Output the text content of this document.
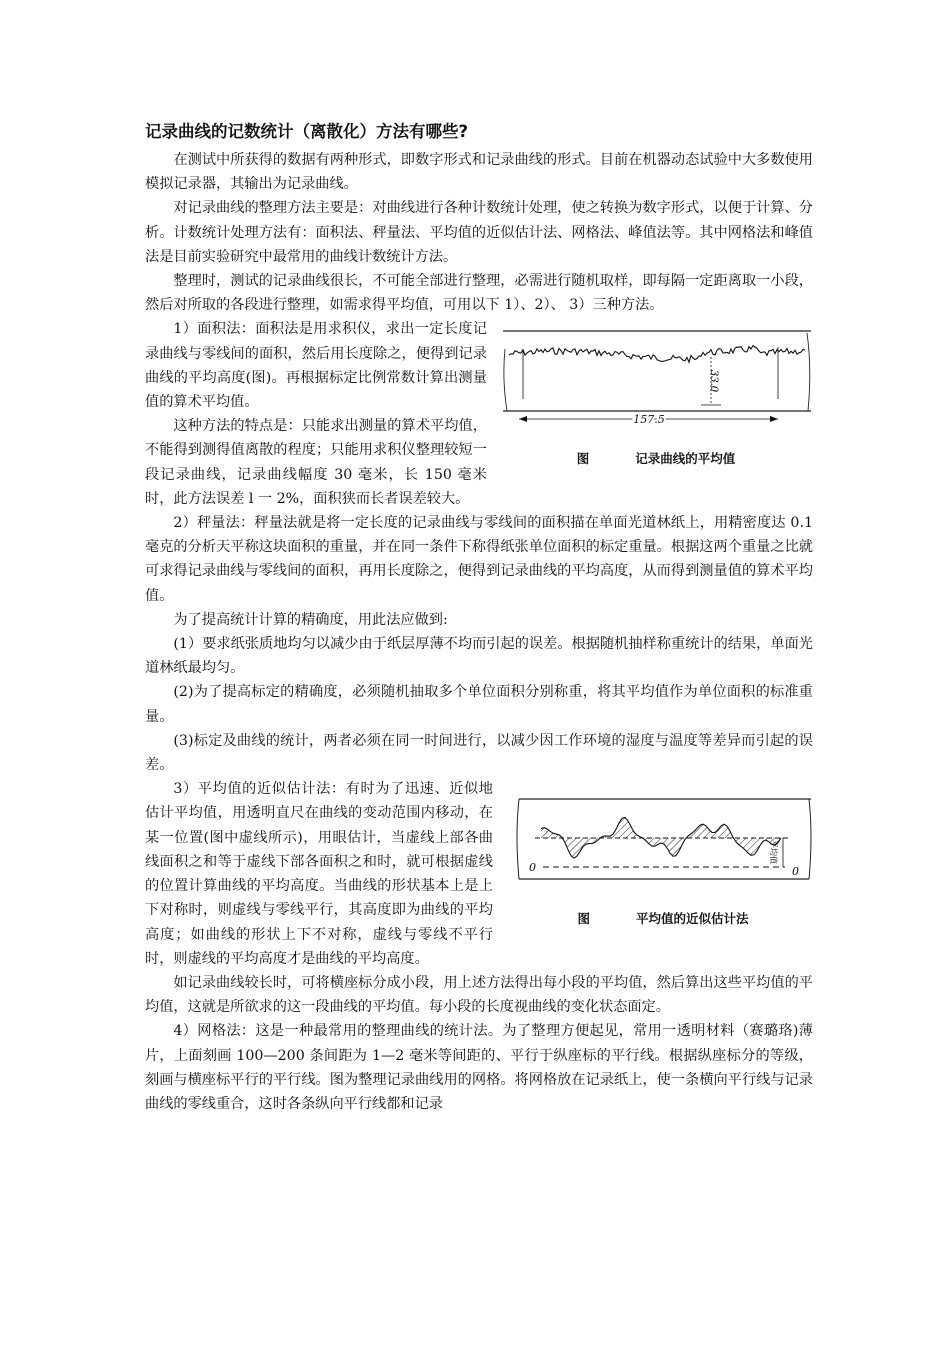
记录曲线的记数统计（离散化）方法有哪些?

在测试中所获得的数据有两种形式，即数字形式和记录曲线的形式。目前在机器动态试验中大多数使用模拟记录器，其输出为记录曲线。

对记录曲线的整理方法主要是：对曲线进行各种计数统计处理，使之转换为数字形式，以便于计算、分析。计数统计处理方法有：面积法、秤量法、平均值的近似估计法、网格法、峰值法等。其中网格法和峰值法是目前实验研究中最常用的曲线计数统计方法。

整理时，测试的记录曲线很长，不可能全部进行整理，必需进行随机取样，即每隔一定距离取一小段，然后对所取的各段进行整理，如需求得平均值，可用以下 1）、2）、 3）三种方法。

33.0
157.5
图	记录曲线的平均值

1）面积法：面积法是用求积仪，求出一定长度记录曲线与零线间的面积，然后用长度除之，便得到记录曲线的平均高度(图)。再根据标定比例常数计算出测量值的算术平均值。

这种方法的特点是：只能求出测量的算术平均值，不能得到测得值离散的程度；只能用求积仪整理较短一段记录曲线，记录曲线幅度 30 毫米，长 150 毫米时，此方法误差 l 一 2%，面积狭而长者误差较大。

2）秤量法：秤量法就是将一定长度的记录曲线与零线间的面积描在单面光道林纸上，用精密度达 0.1 毫克的分析天平称这块面积的重量，并在同一条件下称得纸张单位面积的标定重量。根据这两个重量之比就可求得记录曲线与零线间的面积，再用长度除之，便得到记录曲线的平均高度，从而得到测量值的算术平均值。

为了提高统计计算的精确度，用此法应做到:

(1）要求纸张质地均匀以减少由于纸层厚薄不均而引起的误差。根据随机抽样称重统计的结果，单面光道林纸最均匀。

(2)为了提高标定的精确度，必须随机抽取多个单位面积分别称重，将其平均值作为单位面积的标准重量。

(3)标定及曲线的统计，两者必须在同一时间进行，以减少因工作环境的湿度与温度等差异而引起的误差。

0	0
平均值
图	平均值的近似估计法

3）平均值的近似估计法：有时为了迅速、近似地估计平均值，用透明直尺在曲线的变动范围内移动，在某一位置(图中虚线所示)，用眼估计，当虚线上部各曲线面积之和等于虚线下部各面积之和时，就可根据虚线的位置计算曲线的平均高度。当曲线的形状基本上是上下对称时，则虚线与零线平行，其高度即为曲线的平均高度；如曲线的形状上下不对称，虚线与零线不平行时，则虚线的平均高度才是曲线的平均高度。

如记录曲线较长时，可将横座标分成小段，用上述方法得出每小段的平均值，然后算出这些平均值的平均值，这就是所欲求的这一段曲线的平均值。每小段的长度视曲线的变化状态面定。

4）网格法：这是一种最常用的整理曲线的统计法。为了整理方便起见，常用一透明材料（赛璐珞)薄片，上面刻画 100—200 条间距为 1—2 毫米等间距的、平行于纵座标的平行线。根据纵座标分的等级，刻画与横座标平行的平行线。图为整理记录曲线用的网格。将网格放在记录纸上，使一条横向平行线与记录曲线的零线重合，这时各条纵向平行线都和记录
